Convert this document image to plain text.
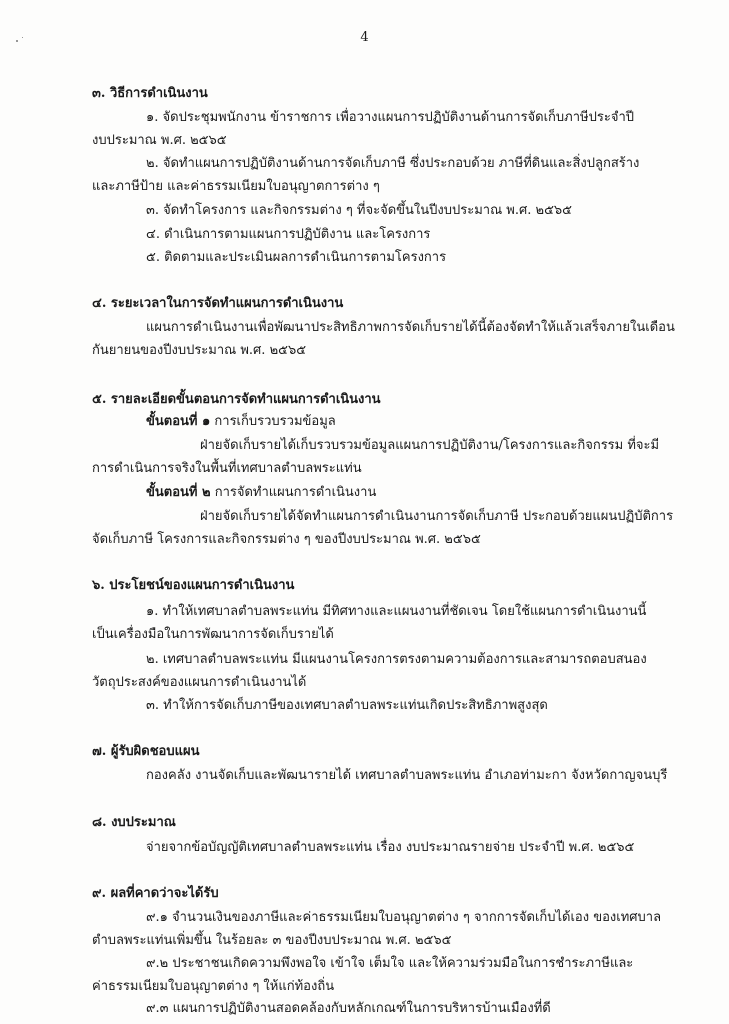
4
๓. วิธีการดำเนินงาน
๑. จัดประชุมพนักงาน ข้าราชการ เพื่อวางแผนการปฏิบัติงานด้านการจัดเก็บภาษีประจำปี
งบประมาณ พ.ศ. ๒๕๖๕
๒. จัดทำแผนการปฏิบัติงานด้านการจัดเก็บภาษี ซึ่งประกอบด้วย ภาษีที่ดินและสิ่งปลูกสร้าง
และภาษีป้าย และค่าธรรมเนียมใบอนุญาตการต่าง ๆ
๓. จัดทำโครงการ และกิจกรรมต่าง ๆ ที่จะจัดขึ้นในปีงบประมาณ พ.ศ. ๒๕๖๕
๔. ดำเนินการตามแผนการปฏิบัติงาน และโครงการ
๕. ติดตามและประเมินผลการดำเนินการตามโครงการ
๔. ระยะเวลาในการจัดทำแผนการดำเนินงาน
แผนการดำเนินงานเพื่อพัฒนาประสิทธิภาพการจัดเก็บรายได้นี้ต้องจัดทำให้แล้วเสร็จภายในเดือน
กันยายนของปีงบประมาณ พ.ศ. ๒๕๖๕
๕. รายละเอียดขั้นตอนการจัดทำแผนการดำเนินงาน
ขั้นตอนที่ ๑ การเก็บรวบรวมข้อมูล
ฝ่ายจัดเก็บรายได้เก็บรวบรวมข้อมูลแผนการปฏิบัติงาน/โครงการและกิจกรรม ที่จะมี
การดำเนินการจริงในพื้นที่เทศบาลตำบลพระแท่น
ขั้นตอนที่ ๒ การจัดทำแผนการดำเนินงาน
ฝ่ายจัดเก็บรายได้จัดทำแผนการดำเนินงานการจัดเก็บภาษี ประกอบด้วยแผนปฏิบัติการ
จัดเก็บภาษี โครงการและกิจกรรมต่าง ๆ ของปีงบประมาณ พ.ศ. ๒๕๖๕
๖. ประโยชน์ของแผนการดำเนินงาน
๑. ทำให้เทศบาลตำบลพระแท่น มีทิศทางและแผนงานที่ชัดเจน โดยใช้แผนการดำเนินงานนี้
เป็นเครื่องมือในการพัฒนาการจัดเก็บรายได้
๒. เทศบาลตำบลพระแท่น มีแผนงานโครงการตรงตามความต้องการและสามารถตอบสนอง
วัตถุประสงค์ของแผนการดำเนินงานได้
๓. ทำให้การจัดเก็บภาษีของเทศบาลตำบลพระแท่นเกิดประสิทธิภาพสูงสุด
๗. ผู้รับผิดชอบแผน
กองคลัง งานจัดเก็บและพัฒนารายได้ เทศบาลตำบลพระแท่น อำเภอท่ามะกา จังหวัดกาญจนบุรี
๘. งบประมาณ
จ่ายจากข้อบัญญัติเทศบาลตำบลพระแท่น เรื่อง งบประมาณรายจ่าย ประจำปี พ.ศ. ๒๕๖๕
๙. ผลที่คาดว่าจะได้รับ
๙.๑ จำนวนเงินของภาษีและค่าธรรมเนียมใบอนุญาตต่าง ๆ จากการจัดเก็บได้เอง ของเทศบาล
ตำบลพระแท่นเพิ่มขึ้น ในร้อยละ ๓ ของปีงบประมาณ พ.ศ. ๒๕๖๕
๙.๒ ประชาชนเกิดความพึงพอใจ เข้าใจ เต็มใจ และให้ความร่วมมือในการชำระภาษีและ
ค่าธรรมเนียมใบอนุญาตต่าง ๆ ให้แก่ท้องถิ่น
๙.๓ แผนการปฏิบัติงานสอดคล้องกับหลักเกณฑ์ในการบริหารบ้านเมืองที่ดี
